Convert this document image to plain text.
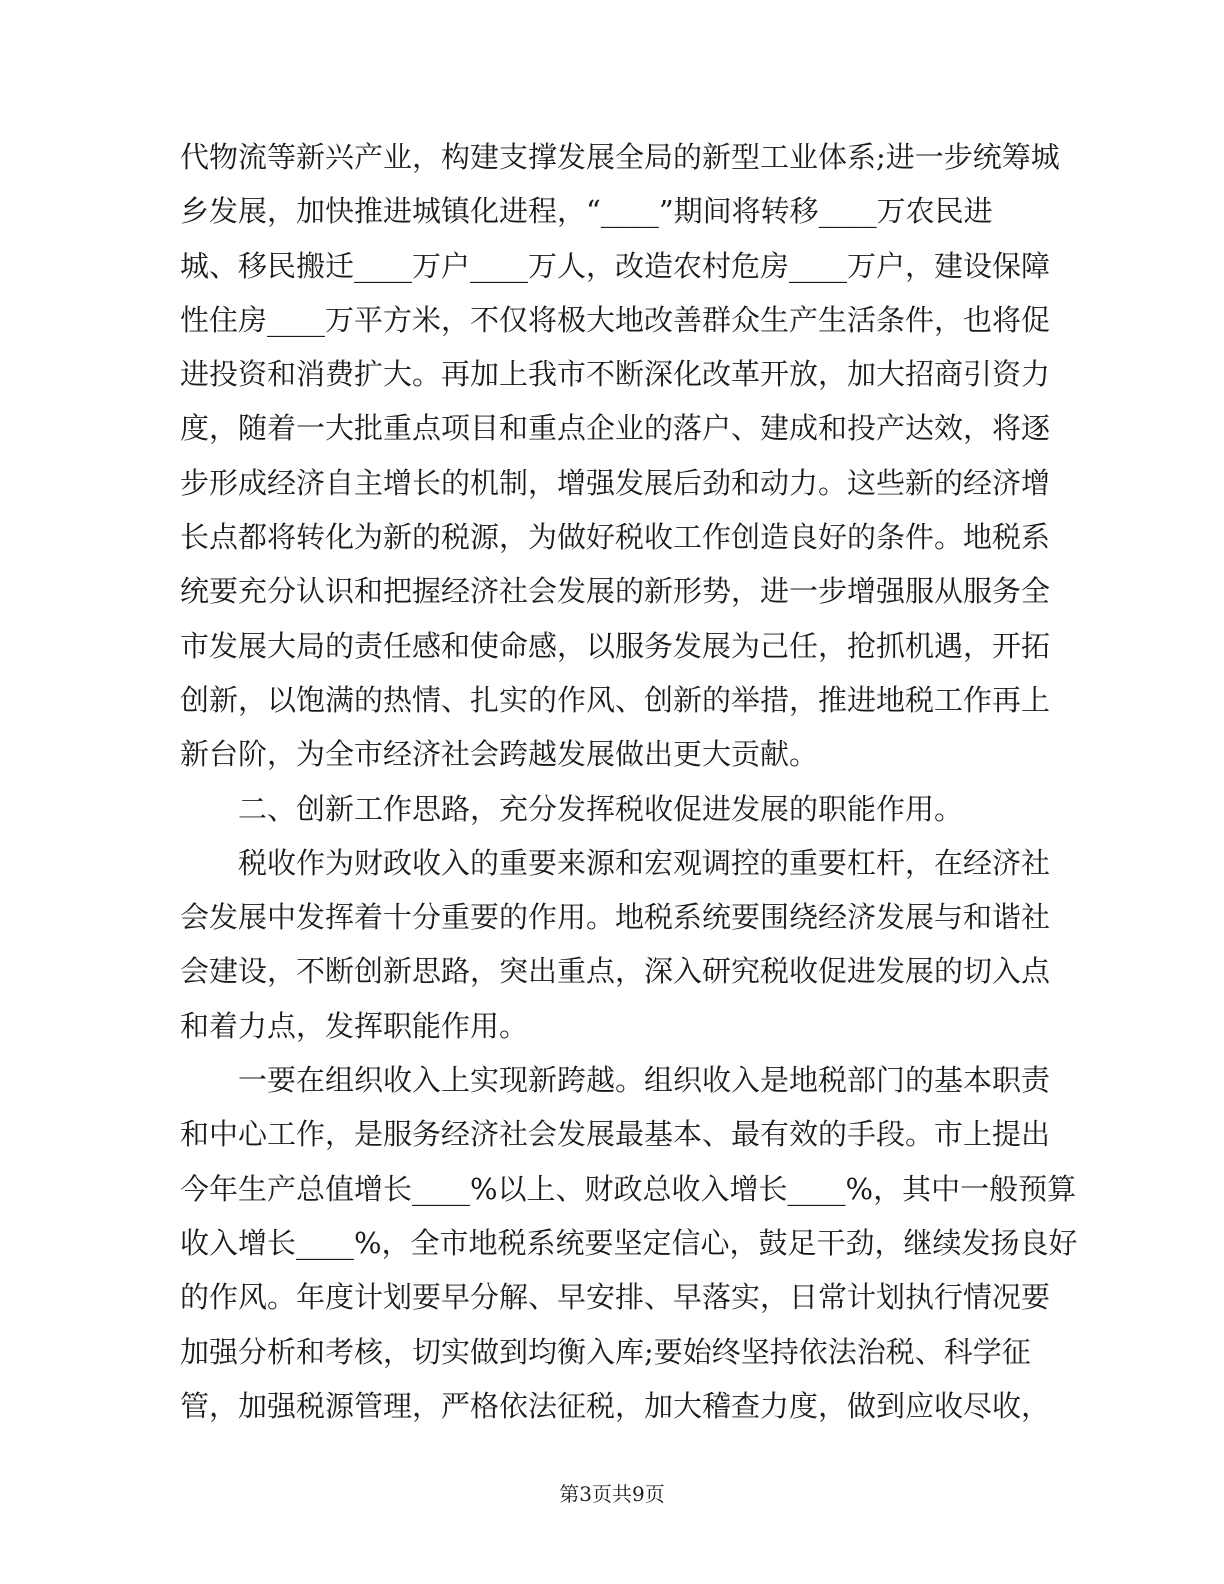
代物流等新兴产业，构建支撑发展全局的新型工业体系;进一步统筹城
乡发展，加快推进城镇化进程，“____”期间将转移____万农民进
城、移民搬迁____万户____万人，改造农村危房____万户，建设保障
性住房____万平方米，不仅将极大地改善群众生产生活条件，也将促
进投资和消费扩大。再加上我市不断深化改革开放，加大招商引资力
度，随着一大批重点项目和重点企业的落户、建成和投产达效，将逐
步形成经济自主增长的机制，增强发展后劲和动力。这些新的经济增
长点都将转化为新的税源，为做好税收工作创造良好的条件。地税系
统要充分认识和把握经济社会发展的新形势，进一步增强服从服务全
市发展大局的责任感和使命感，以服务发展为己任，抢抓机遇，开拓
创新，以饱满的热情、扎实的作风、创新的举措，推进地税工作再上
新台阶，为全市经济社会跨越发展做出更大贡献。
二、创新工作思路，充分发挥税收促进发展的职能作用。
税收作为财政收入的重要来源和宏观调控的重要杠杆，在经济社
会发展中发挥着十分重要的作用。地税系统要围绕经济发展与和谐社
会建设，不断创新思路，突出重点，深入研究税收促进发展的切入点
和着力点，发挥职能作用。
一要在组织收入上实现新跨越。组织收入是地税部门的基本职责
和中心工作，是服务经济社会发展最基本、最有效的手段。市上提出
今年生产总值增长____%以上、财政总收入增长____%，其中一般预算
收入增长____%，全市地税系统要坚定信心，鼓足干劲，继续发扬良好
的作风。年度计划要早分解、早安排、早落实，日常计划执行情况要
加强分析和考核，切实做到均衡入库;要始终坚持依法治税、科学征
管，加强税源管理，严格依法征税，加大稽查力度，做到应收尽收，
第3页共9页
